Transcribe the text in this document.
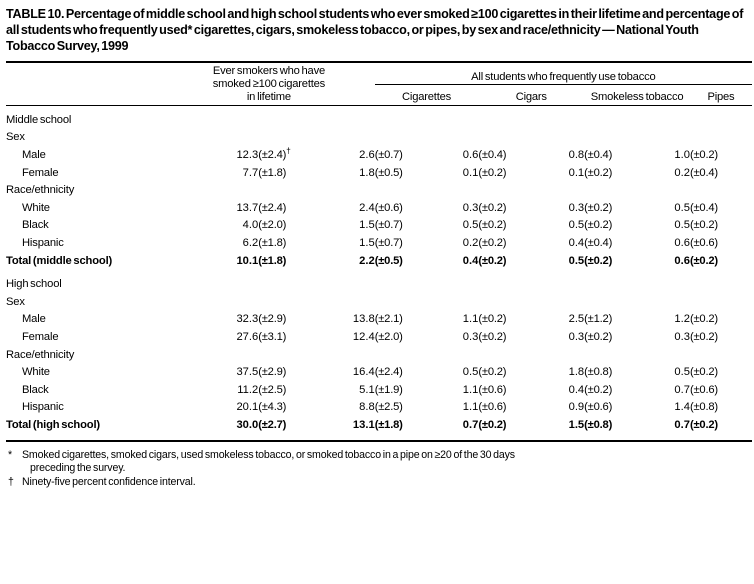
TABLE 10. Percentage of middle school and high school students who ever smoked ≥100 cigarettes in their lifetime and percentage of all students who frequently used* cigarettes, cigars, smokeless tobacco, or pipes, by sex and race/ethnicity — National Youth Tobacco Survey, 1999

	Ever smokers who have smoked ≥100 cigarettes in lifetime			All students who frequently use tobacco						
				Cigarettes		Cigars		Smokeless tobacco		Pipes

Middle school										
Sex										
Male	12.3	(±2.4)†	2.6	(±0.7)	0.6	(±0.4)	0.8	(±0.4)	1.0	(±0.2)
Female	7.7	(±1.8)	1.8	(±0.5)	0.1	(±0.2)	0.1	(±0.2)	0.2	(±0.4)
Race/ethnicity										
White	13.7	(±2.4)	2.4	(±0.6)	0.3	(±0.2)	0.3	(±0.2)	0.5	(±0.4)
Black	4.0	(±2.0)	1.5	(±0.7)	0.5	(±0.2)	0.5	(±0.2)	0.5	(±0.2)
Hispanic	6.2	(±1.8)	1.5	(±0.7)	0.2	(±0.2)	0.4	(±0.4)	0.6	(±0.6)
Total (middle school)	10.1	(±1.8)	2.2	(±0.5)	0.4	(±0.2)	0.5	(±0.2)	0.6	(±0.2)

High school										
Sex										
Male	32.3	(±2.9)	13.8	(±2.1)	1.1	(±0.2)	2.5	(±1.2)	1.2	(±0.2)
Female	27.6	(±3.1)	12.4	(±2.0)	0.3	(±0.2)	0.3	(±0.2)	0.3	(±0.2)
Race/ethnicity										
White	37.5	(±2.9)	16.4	(±2.4)	0.5	(±0.2)	1.8	(±0.8)	0.5	(±0.2)
Black	11.2	(±2.5)	5.1	(±1.9)	1.1	(±0.6)	0.4	(±0.2)	0.7	(±0.6)
Hispanic	20.1	(±4.3)	8.8	(±2.5)	1.1	(±0.6)	0.9	(±0.6)	1.4	(±0.8)
Total (high school)	30.0	(±2.7)	13.1	(±1.8)	0.7	(±0.2)	1.5	(±0.8)	0.7	(±0.2)

* Smoked cigarettes, smoked cigars, used smokeless tobacco, or smoked tobacco in a pipe on ≥20 of the 30 days
preceding the survey.
† Ninety-five percent confidence interval.
